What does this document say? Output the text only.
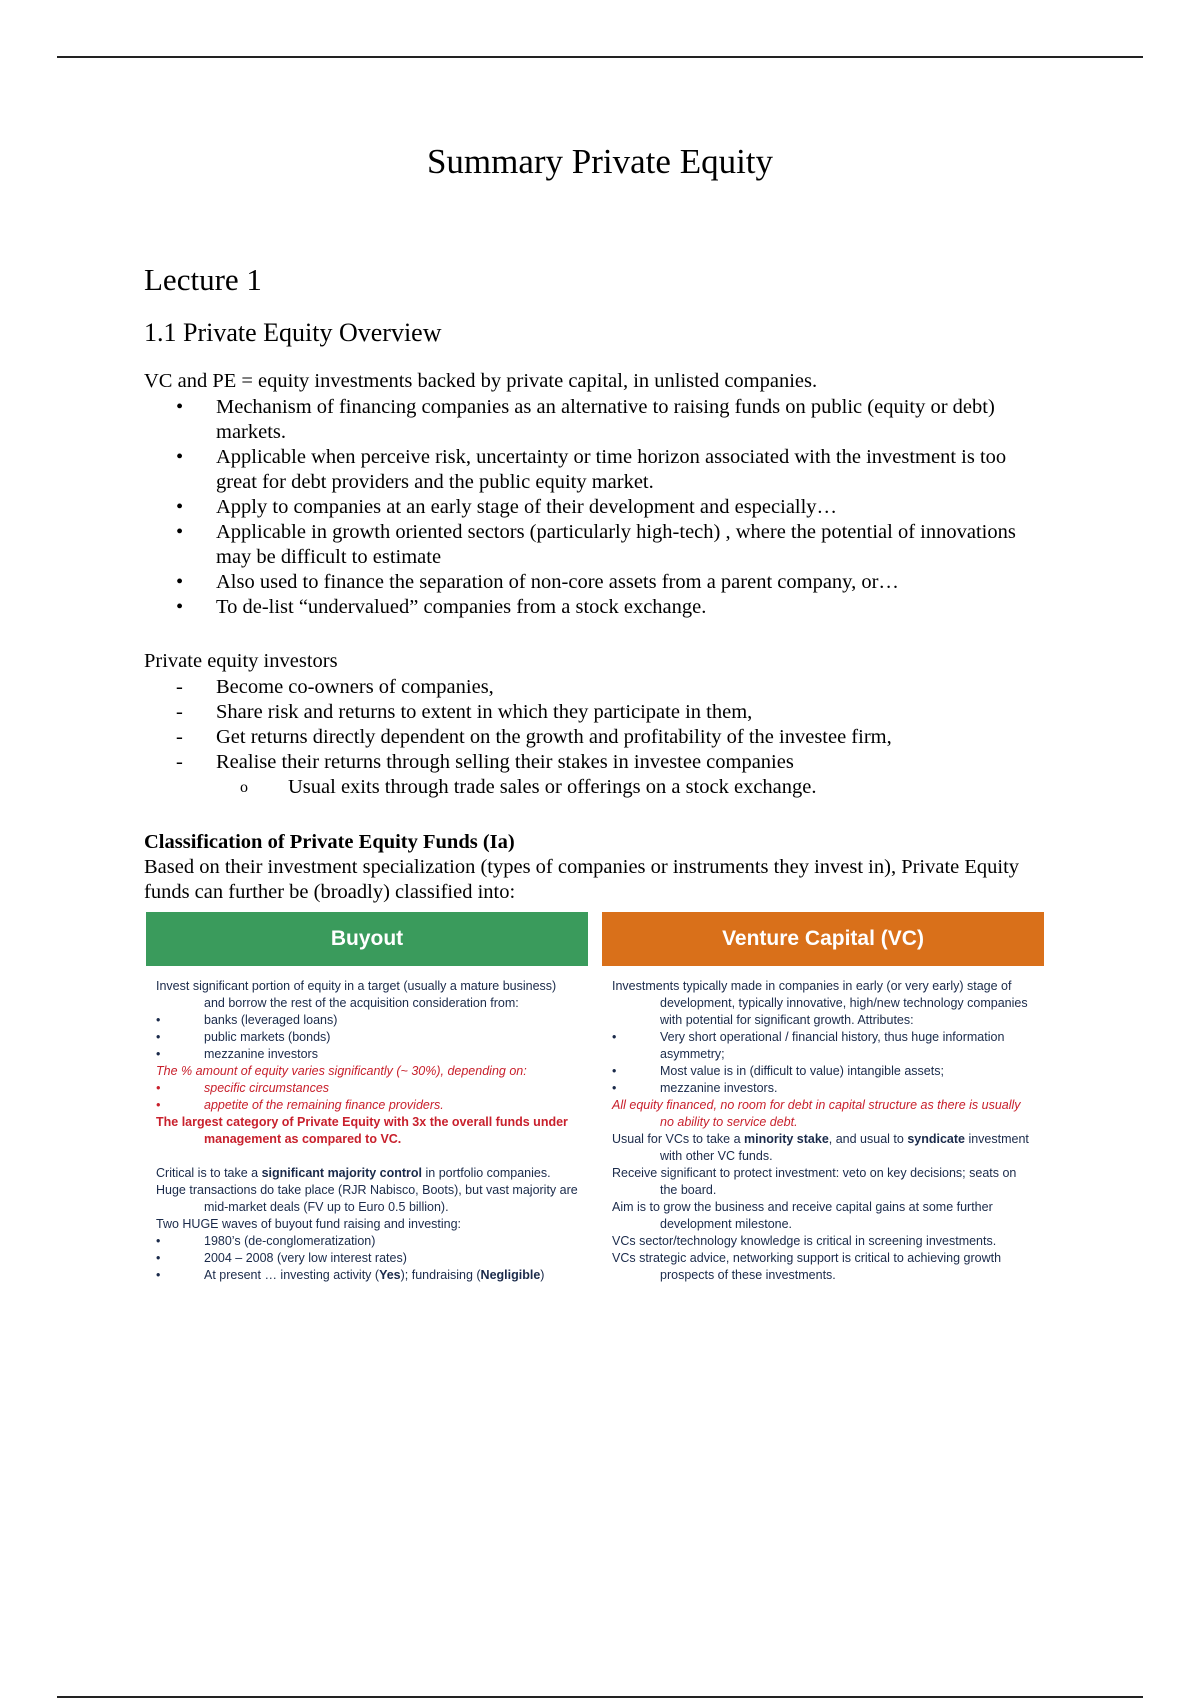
Summary Private Equity
Lecture 1
1.1 Private Equity Overview

VC and PE = equity investments backed by private capital, in unlisted companies.

• Mechanism of financing companies as an alternative to raising funds on public (equity or debt) markets.
• Applicable when perceive risk, uncertainty or time horizon associated with the investment is too great for debt providers and the public equity market.
• Apply to companies at an early stage of their development and especially…
• Applicable in growth oriented sectors (particularly high-tech) , where the potential of innovations may be difficult to estimate
• Also used to finance the separation of non-core assets from a parent company, or…
• To de-list “undervalued” companies from a stock exchange.

Private equity investors

- Become co-owners of companies,
- Share risk and returns to extent in which they participate in them,
- Get returns directly dependent on the growth and profitability of the investee firm,
- Realise their returns through selling their stakes in investee companies
o Usual exits through trade sales or offerings on a stock exchange.

Classification of Private Equity Funds (Ia)

Based on their investment specialization (types of companies or instruments they invest in), Private Equity funds can further be (broadly) classified into:

Buyout

Invest significant portion of equity in a target (usually a mature business) and borrow the rest of the acquisition consideration from:

• banks (leveraged loans)

• public markets (bonds)

• mezzanine investors

The % amount of equity varies significantly (~ 30%), depending on:

• specific circumstances

• appetite of the remaining finance providers.

The largest category of Private Equity with 3x the overall funds under management as compared to VC.

Critical is to take a significant majority control in portfolio companies.

Huge transactions do take place (RJR Nabisco, Boots), but vast majority are mid-market deals (FV up to Euro 0.5 billion).

Two HUGE waves of buyout fund raising and investing:

• 1980’s (de-conglomeratization)

• 2004 – 2008 (very low interest rates)

• At present … investing activity (Yes); fundraising (Negligible)

Venture Capital (VC)

Investments typically made in companies in early (or very early) stage of development, typically innovative, high/new technology companies with potential for significant growth. Attributes:

• Very short operational / financial history, thus huge information asymmetry;

• Most value is in (difficult to value) intangible assets;

• mezzanine investors.

All equity financed, no room for debt in capital structure as there is usually no ability to service debt.

Usual for VCs to take a minority stake, and usual to syndicate investment with other VC funds.

Receive significant to protect investment: veto on key decisions; seats on the board.

Aim is to grow the business and receive capital gains at some further development milestone.

VCs sector/technology knowledge is critical in screening investments.

VCs strategic advice, networking support is critical to achieving growth prospects of these investments.
